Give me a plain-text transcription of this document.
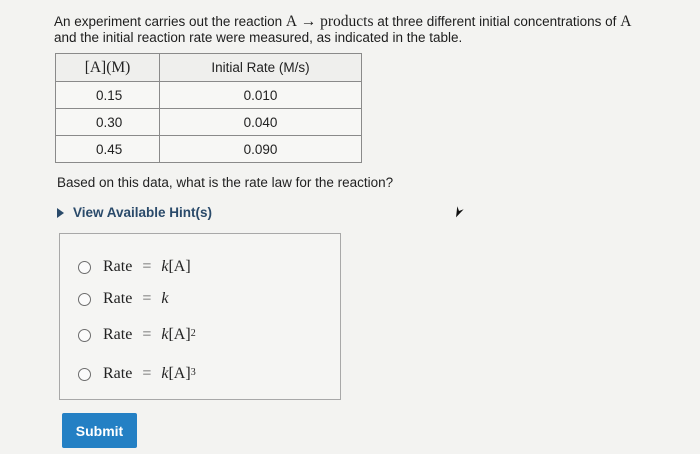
An experiment carries out the reaction A → products at three different initial concentrations of A and the initial reaction rate were measured, as indicated in the table.
[A](M)	Initial Rate (M/s)
0.15	0.010
0.30	0.040
0.45	0.090
Based on this data, what is the rate law for the reaction?
View Available Hint(s)
Rate = k [A]
Rate = k
Rate = k $[A]^2$
Rate = k $[A]^3$
Submit
